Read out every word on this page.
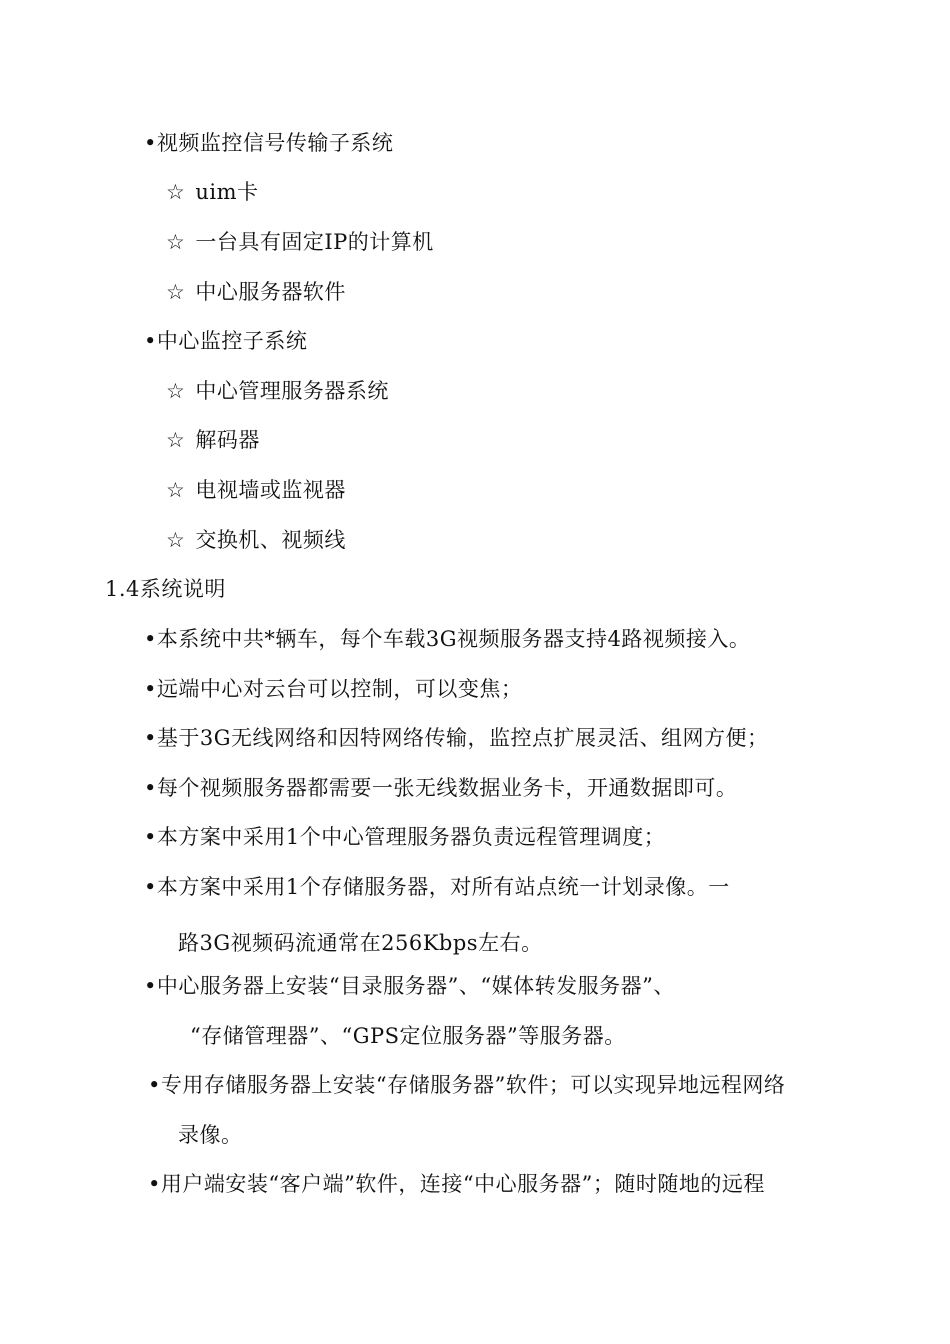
•视频监控信号传输子系统
☆ uim卡
☆ 一台具有固定IP的计算机
☆ 中心服务器软件
•中心监控子系统
☆ 中心管理服务器系统
☆ 解码器
☆ 电视墙或监视器
☆ 交换机、视频线
1.4系统说明
•本系统中共*辆车，每个车载3G视频服务器支持4路视频接入。
•远端中心对云台可以控制，可以变焦；
•基于3G无线网络和因特网络传输，监控点扩展灵活、组网方便；
•每个视频服务器都需要一张无线数据业务卡，开通数据即可。
•本方案中采用1个中心管理服务器负责远程管理调度；
•本方案中采用1个存储服务器，对所有站点统一计划录像。一
路3G视频码流通常在256Kbps左右。
•中心服务器上安装“目录服务器”、“媒体转发服务器”、
“存储管理器”、“GPS定位服务器”等服务器。
•专用存储服务器上安装“存储服务器”软件；可以实现异地远程网络
录像。
•用户端安装“客户端”软件，连接“中心服务器”；随时随地的远程
